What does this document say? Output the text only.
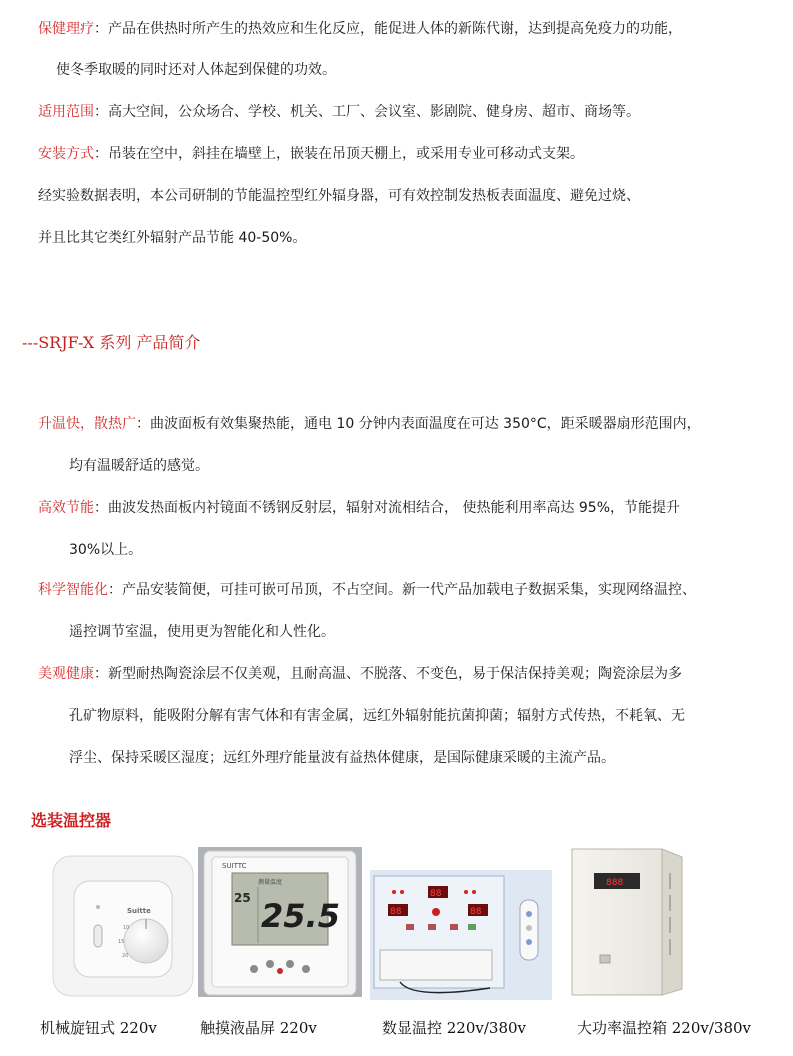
保健理疗：产品在供热时所产生的热效应和生化反应，能促进人体的新陈代谢，达到提高免疫力的功能，
使冬季取暖的同时还对人体起到保健的功效。
适用范围：高大空间，公众场合、学校、机关、工厂、会议室、影剧院、健身房、超市、商场等。
安装方式：吊装在空中，斜挂在墙壁上，嵌装在吊顶天棚上，或采用专业可移动式支架。
经实验数据表明，本公司研制的节能温控型红外辐身器，可有效控制发热板表面温度、避免过烧、
并且比其它类红外辐射产品节能 40-50%。
---SRJF-X 系列 产品简介
升温快，散热广：曲波面板有效集聚热能，通电 10 分钟内表面温度在可达 350°C，距采暖器扇形范围内，
均有温暖舒适的感觉。
高效节能：曲波发热面板内衬镜面不锈钢反射层，辐射对流相结合， 使热能利用率高达 95%，节能提升
30%以上。
科学智能化：产品安装简便，可挂可嵌可吊顶，不占空间。新一代产品加载电子数据采集，实现网络温控、
遥控调节室温，使用更为智能化和人性化。
美观健康：新型耐热陶瓷涂层不仅美观，且耐高温、不脱落、不变色，易于保洁保持美观；陶瓷涂层为多
孔矿物原料，能吸附分解有害气体和有害金属，远红外辐射能抗菌抑菌；辐射方式传热，不耗氧、无
浮尘、保持采暖区湿度；远红外理疗能量波有益热体健康，是国际健康采暖的主流产品。
选装温控器
Suitte
10
15
20
SUITTC
测量温度
25 25.5
88
88	88
888
机械旋钮式 220v	触摸液晶屏 220v	数显温控 220v/380v	大功率温控箱 220v/380v
